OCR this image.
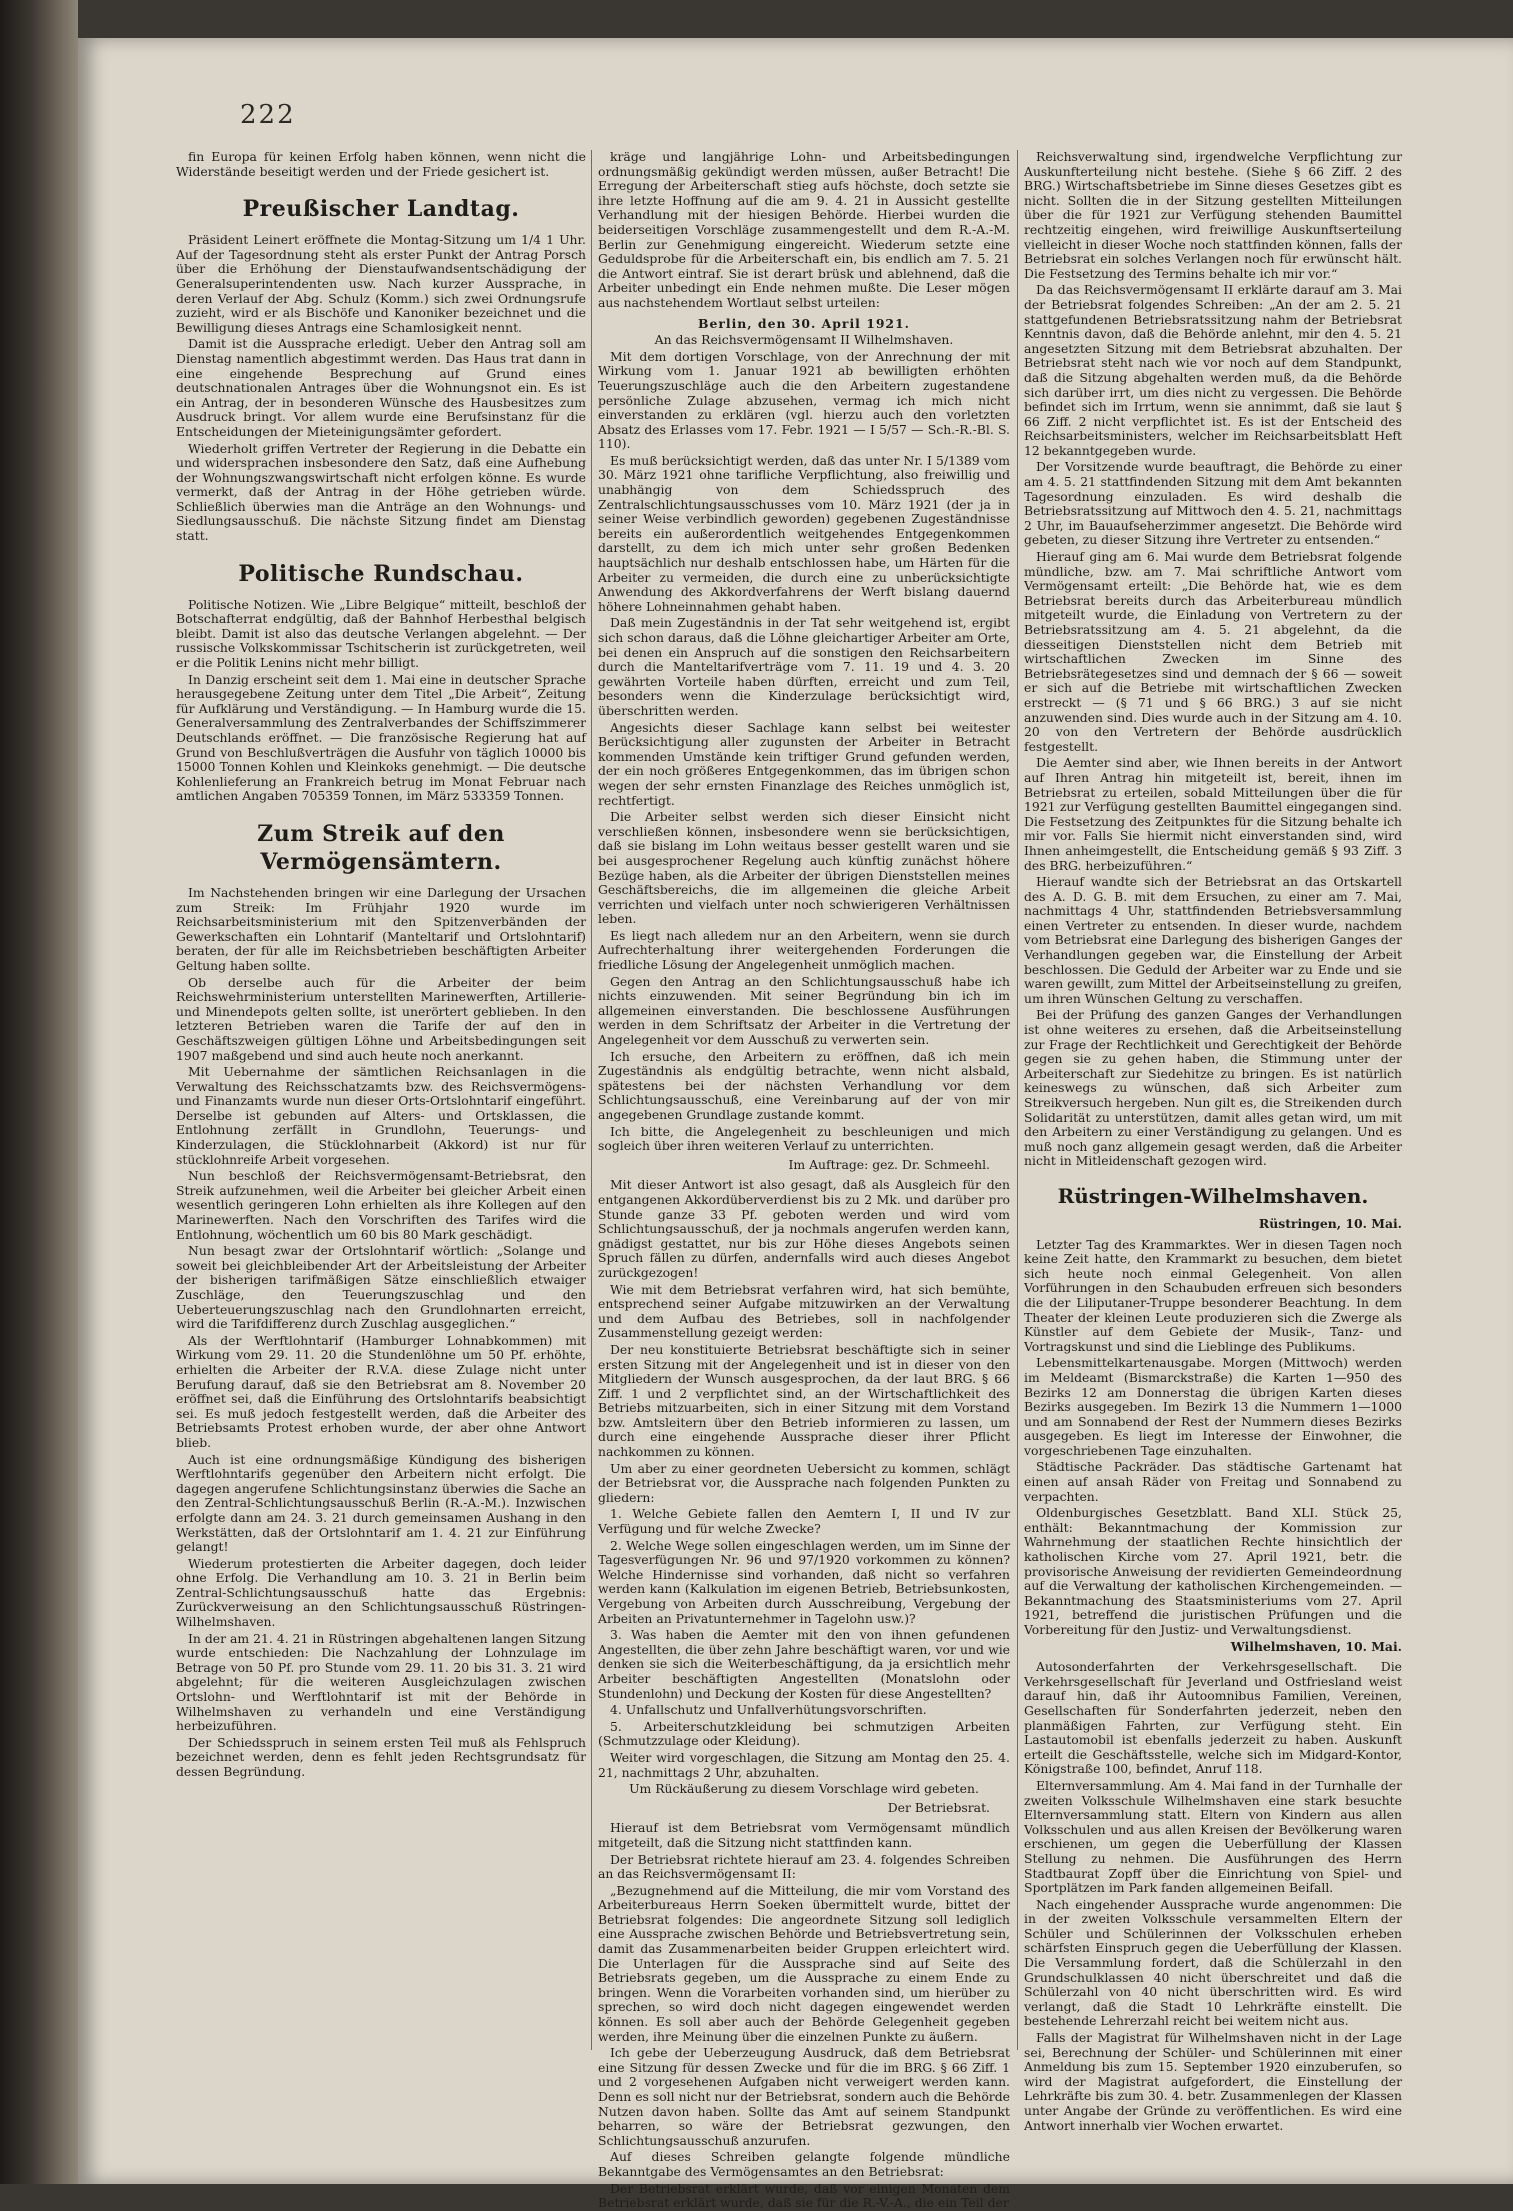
222

fin Europa für keinen Erfolg haben können, wenn nicht die Widerstände beseitigt werden und der Friede gesichert ist.

Preußischer Landtag.

Präsident Leinert eröffnete die Montag-Sitzung um 1/4 1 Uhr. Auf der Tagesordnung steht als erster Punkt der Antrag Porsch über die Erhöhung der Dienstaufwandsentschädigung der Generalsuperintendenten usw. Nach kurzer Aussprache, in deren Verlauf der Abg. Schulz (Komm.) sich zwei Ordnungsrufe zuzieht, wird er als Bischöfe und Kanoniker bezeichnet und die Bewilligung dieses Antrags eine Schamlosigkeit nennt.

Damit ist die Aussprache erledigt. Ueber den Antrag soll am Dienstag namentlich abgestimmt werden. Das Haus trat dann in eine eingehende Besprechung auf Grund eines deutschnationalen Antrages über die Wohnungsnot ein. Es ist ein Antrag, der in besonderen Wünsche des Hausbesitzes zum Ausdruck bringt. Vor allem wurde eine Berufsinstanz für die Entscheidungen der Mieteinigungsämter gefordert.

Wiederholt griffen Vertreter der Regierung in die Debatte ein und widersprachen insbesondere den Satz, daß eine Aufhebung der Wohnungszwangswirtschaft nicht erfolgen könne. Es wurde vermerkt, daß der Antrag in der Höhe getrieben würde. Schließlich überwies man die Anträge an den Wohnungs- und Siedlungsausschuß. Die nächste Sitzung findet am Dienstag statt.

Politische Rundschau.

Politische Notizen. Wie „Libre Belgique“ mitteilt, beschloß der Botschafterrat endgültig, daß der Bahnhof Herbesthal belgisch bleibt. Damit ist also das deutsche Verlangen abgelehnt. — Der russische Volkskommissar Tschitscherin ist zurückgetreten, weil er die Politik Lenins nicht mehr billigt.

In Danzig erscheint seit dem 1. Mai eine in deutscher Sprache herausgegebene Zeitung unter dem Titel „Die Arbeit“, Zeitung für Aufklärung und Verständigung. — In Hamburg wurde die 15. Generalversammlung des Zentralverbandes der Schiffszimmerer Deutschlands eröffnet. — Die französische Regierung hat auf Grund von Beschlußverträgen die Ausfuhr von täglich 10000 bis 15000 Tonnen Kohlen und Kleinkoks genehmigt. — Die deutsche Kohlenlieferung an Frankreich betrug im Monat Februar nach amtlichen Angaben 705359 Tonnen, im März 533359 Tonnen.

Zum Streik auf den Vermögensämtern.

Im Nachstehenden bringen wir eine Darlegung der Ursachen zum Streik: Im Frühjahr 1920 wurde im Reichsarbeitsministerium mit den Spitzenverbänden der Gewerkschaften ein Lohntarif (Manteltarif und Ortslohntarif) beraten, der für alle im Reichsbetrieben beschäftigten Arbeiter Geltung haben sollte.

Ob derselbe auch für die Arbeiter der beim Reichswehrministerium unterstellten Marinewerften, Artillerie- und Minendepots gelten sollte, ist unerörtert geblieben. In den letzteren Betrieben waren die Tarife der auf den in Geschäftszweigen gültigen Löhne und Arbeitsbedingungen seit 1907 maßgebend und sind auch heute noch anerkannt.

Mit Uebernahme der sämtlichen Reichsanlagen in die Verwaltung des Reichsschatzamts bzw. des Reichsvermögens- und Finanzamts wurde nun dieser Orts-Ortslohntarif eingeführt. Derselbe ist gebunden auf Alters- und Ortsklassen, die Entlohnung zerfällt in Grundlohn, Teuerungs- und Kinderzulagen, die Stücklohnarbeit (Akkord) ist nur für stücklohnreife Arbeit vorgesehen.

Nun beschloß der Reichsvermögensamt-Betriebsrat, den Streik aufzunehmen, weil die Arbeiter bei gleicher Arbeit einen wesentlich geringeren Lohn erhielten als ihre Kollegen auf den Marinewerften. Nach den Vorschriften des Tarifes wird die Entlohnung, wöchentlich um 60 bis 80 Mark geschädigt.

Nun besagt zwar der Ortslohntarif wörtlich: „Solange und soweit bei gleichbleibender Art der Arbeitsleistung der Arbeiter der bisherigen tarifmäßigen Sätze einschließlich etwaiger Zuschläge, den Teuerungszuschlag und den Ueberteuerungszuschlag nach den Grundlohnarten erreicht, wird die Tarifdifferenz durch Zuschlag ausgeglichen.“

Als der Werftlohntarif (Hamburger Lohnabkommen) mit Wirkung vom 29. 11. 20 die Stundenlöhne um 50 Pf. erhöhte, erhielten die Arbeiter der R.V.A. diese Zulage nicht unter Berufung darauf, daß sie den Betriebsrat am 8. November 20 eröffnet sei, daß die Einführung des Ortslohntarifs beabsichtigt sei. Es muß jedoch festgestellt werden, daß die Arbeiter des Betriebsamts Protest erhoben wurde, der aber ohne Antwort blieb.

Auch ist eine ordnungsmäßige Kündigung des bisherigen Werftlohntarifs gegenüber den Arbeitern nicht erfolgt. Die dagegen angerufene Schlichtungsinstanz überwies die Sache an den Zentral-Schlichtungsausschuß Berlin (R.-A.-M.). Inzwischen erfolgte dann am 24. 3. 21 durch gemeinsamen Aushang in den Werkstätten, daß der Ortslohntarif am 1. 4. 21 zur Einführung gelangt!

Wiederum protestierten die Arbeiter dagegen, doch leider ohne Erfolg. Die Verhandlung am 10. 3. 21 in Berlin beim Zentral-Schlichtungsausschuß hatte das Ergebnis: Zurückverweisung an den Schlichtungsausschuß Rüstringen-Wilhelmshaven.

In der am 21. 4. 21 in Rüstringen abgehaltenen langen Sitzung wurde entschieden: Die Nachzahlung der Lohnzulage im Betrage von 50 Pf. pro Stunde vom 29. 11. 20 bis 31. 3. 21 wird abgelehnt; für die weiteren Ausgleichzulagen zwischen Ortslohn- und Werftlohntarif ist mit der Behörde in Wilhelmshaven zu verhandeln und eine Verständigung herbeizuführen.

Der Schiedsspruch in seinem ersten Teil muß als Fehlspruch bezeichnet werden, denn es fehlt jeden Rechtsgrundsatz für dessen Begründung.

kräge und langjährige Lohn- und Arbeitsbedingungen ordnungsmäßig gekündigt werden müssen, außer Betracht! Die Erregung der Arbeiterschaft stieg aufs höchste, doch setzte sie ihre letzte Hoffnung auf die am 9. 4. 21 in Aussicht gestellte Verhandlung mit der hiesigen Behörde. Hierbei wurden die beiderseitigen Vorschläge zusammengestellt und dem R.-A.-M. Berlin zur Genehmigung eingereicht. Wiederum setzte eine Geduldsprobe für die Arbeiterschaft ein, bis endlich am 7. 5. 21 die Antwort eintraf. Sie ist derart brüsk und ablehnend, daß die Arbeiter unbedingt ein Ende nehmen mußte. Die Leser mögen aus nachstehendem Wortlaut selbst urteilen:

Berlin, den 30. April 1921.

An das Reichsvermögensamt II Wilhelmshaven.

Mit dem dortigen Vorschlage, von der Anrechnung der mit Wirkung vom 1. Januar 1921 ab bewilligten erhöhten Teuerungszuschläge auch die den Arbeitern zugestandene persönliche Zulage abzusehen, vermag ich mich nicht einverstanden zu erklären (vgl. hierzu auch den vorletzten Absatz des Erlasses vom 17. Febr. 1921 — I 5/57 — Sch.-R.-Bl. S. 110).

Es muß berücksichtigt werden, daß das unter Nr. I 5/1389 vom 30. März 1921 ohne tarifliche Verpflichtung, also freiwillig und unabhängig von dem Schiedsspruch des Zentralschlichtungsausschusses vom 10. März 1921 (der ja in seiner Weise verbindlich geworden) gegebenen Zugeständnisse bereits ein außerordentlich weitgehendes Entgegenkommen darstellt, zu dem ich mich unter sehr großen Bedenken hauptsächlich nur deshalb entschlossen habe, um Härten für die Arbeiter zu vermeiden, die durch eine zu unberücksichtigte Anwendung des Akkordverfahrens der Werft bislang dauernd höhere Lohneinnahmen gehabt haben.

Daß mein Zugeständnis in der Tat sehr weitgehend ist, ergibt sich schon daraus, daß die Löhne gleichartiger Arbeiter am Orte, bei denen ein Anspruch auf die sonstigen den Reichsarbeitern durch die Manteltarifverträge vom 7. 11. 19 und 4. 3. 20 gewährten Vorteile haben dürften, erreicht und zum Teil, besonders wenn die Kinderzulage berücksichtigt wird, überschritten werden.

Angesichts dieser Sachlage kann selbst bei weitester Berücksichtigung aller zugunsten der Arbeiter in Betracht kommenden Umstände kein triftiger Grund gefunden werden, der ein noch größeres Entgegenkommen, das im übrigen schon wegen der sehr ernsten Finanzlage des Reiches unmöglich ist, rechtfertigt.

Die Arbeiter selbst werden sich dieser Einsicht nicht verschließen können, insbesondere wenn sie berücksichtigen, daß sie bislang im Lohn weitaus besser gestellt waren und sie bei ausgesprochener Regelung auch künftig zunächst höhere Bezüge haben, als die Arbeiter der übrigen Dienststellen meines Geschäftsbereichs, die im allgemeinen die gleiche Arbeit verrichten und vielfach unter noch schwierigeren Verhältnissen leben.

Es liegt nach alledem nur an den Arbeitern, wenn sie durch Aufrechterhaltung ihrer weitergehenden Forderungen die friedliche Lösung der Angelegenheit unmöglich machen.

Gegen den Antrag an den Schlichtungsausschuß habe ich nichts einzuwenden. Mit seiner Begründung bin ich im allgemeinen einverstanden. Die beschlossene Ausführungen werden in dem Schriftsatz der Arbeiter in die Vertretung der Angelegenheit vor dem Ausschuß zu verwerten sein.

Ich ersuche, den Arbeitern zu eröffnen, daß ich mein Zugeständnis als endgültig betrachte, wenn nicht alsbald, spätestens bei der nächsten Verhandlung vor dem Schlichtungsausschuß, eine Vereinbarung auf der von mir angegebenen Grundlage zustande kommt.

Ich bitte, die Angelegenheit zu beschleunigen und mich sogleich über ihren weiteren Verlauf zu unterrichten.

Im Auftrage: gez. Dr. Schmeehl.

Mit dieser Antwort ist also gesagt, daß als Ausgleich für den entgangenen Akkordüberverdienst bis zu 2 Mk. und darüber pro Stunde ganze 33 Pf. geboten werden und wird vom Schlichtungsausschuß, der ja nochmals angerufen werden kann, gnädigst gestattet, nur bis zur Höhe dieses Angebots seinen Spruch fällen zu dürfen, andernfalls wird auch dieses Angebot zurückgezogen!

Wie mit dem Betriebsrat verfahren wird, hat sich bemühte, entsprechend seiner Aufgabe mitzuwirken an der Verwaltung und dem Aufbau des Betriebes, soll in nachfolgender Zusammenstellung gezeigt werden:

Der neu konstituierte Betriebsrat beschäftigte sich in seiner ersten Sitzung mit der Angelegenheit und ist in dieser von den Mitgliedern der Wunsch ausgesprochen, da der laut BRG. § 66 Ziff. 1 und 2 verpflichtet sind, an der Wirtschaftlichkeit des Betriebs mitzuarbeiten, sich in einer Sitzung mit dem Vorstand bzw. Amtsleitern über den Betrieb informieren zu lassen, um durch eine eingehende Aussprache dieser ihrer Pflicht nachkommen zu können.

Um aber zu einer geordneten Uebersicht zu kommen, schlägt der Betriebsrat vor, die Aussprache nach folgenden Punkten zu gliedern:

1. Welche Gebiete fallen den Aemtern I, II und IV zur Verfügung und für welche Zwecke?

2. Welche Wege sollen eingeschlagen werden, um im Sinne der Tagesverfügungen Nr. 96 und 97/1920 vorkommen zu können? Welche Hindernisse sind vorhanden, daß nicht so verfahren werden kann (Kalkulation im eigenen Betrieb, Betriebsunkosten, Vergebung von Arbeiten durch Ausschreibung, Vergebung der Arbeiten an Privatunternehmer in Tagelohn usw.)?

3. Was haben die Aemter mit den von ihnen gefundenen Angestellten, die über zehn Jahre beschäftigt waren, vor und wie denken sie sich die Weiterbeschäftigung, da ja ersichtlich mehr Arbeiter beschäftigten Angestellten (Monatslohn oder Stundenlohn) und Deckung der Kosten für diese Angestellten?

4. Unfallschutz und Unfallverhütungsvorschriften.

5. Arbeiterschutzkleidung bei schmutzigen Arbeiten (Schmutzzulage oder Kleidung).

Weiter wird vorgeschlagen, die Sitzung am Montag den 25. 4. 21, nachmittags 2 Uhr, abzuhalten.

Um Rückäußerung zu diesem Vorschlage wird gebeten.

Der Betriebsrat.

Hierauf ist dem Betriebsrat vom Vermögensamt mündlich mitgeteilt, daß die Sitzung nicht stattfinden kann.

Der Betriebsrat richtete hierauf am 23. 4. folgendes Schreiben an das Reichsvermögensamt II:

„Bezugnehmend auf die Mitteilung, die mir vom Vorstand des Arbeiterbureaus Herrn Soeken übermittelt wurde, bittet der Betriebsrat folgendes: Die angeordnete Sitzung soll lediglich eine Aussprache zwischen Behörde und Betriebsvertretung sein, damit das Zusammenarbeiten beider Gruppen erleichtert wird. Die Unterlagen für die Aussprache sind auf Seite des Betriebsrats gegeben, um die Aussprache zu einem Ende zu bringen. Wenn die Vorarbeiten vorhanden sind, um hierüber zu sprechen, so wird doch nicht dagegen eingewendet werden können. Es soll aber auch der Behörde Gelegenheit gegeben werden, ihre Meinung über die einzelnen Punkte zu äußern.

Ich gebe der Ueberzeugung Ausdruck, daß dem Betriebsrat eine Sitzung für dessen Zwecke und für die im BRG. § 66 Ziff. 1 und 2 vorgesehenen Aufgaben nicht verweigert werden kann. Denn es soll nicht nur der Betriebsrat, sondern auch die Behörde Nutzen davon haben. Sollte das Amt auf seinem Standpunkt beharren, so wäre der Betriebsrat gezwungen, den Schlichtungsausschuß anzurufen.

Auf dieses Schreiben gelangte folgende mündliche Bekanntgabe des Vermögensamtes an den Betriebsrat:

Der Betriebsrat erklärt wurde, daß vor einigen Monaten dem Betriebsrat erklärt wurde, daß sie für die R.-V.-A., die ein Teil der

Reichsverwaltung sind, irgendwelche Verpflichtung zur Auskunfterteilung nicht bestehe. (Siehe § 66 Ziff. 2 des BRG.) Wirtschaftsbetriebe im Sinne dieses Gesetzes gibt es nicht. Sollten die in der Sitzung gestellten Mitteilungen über die für 1921 zur Verfügung stehenden Baumittel rechtzeitig eingehen, wird freiwillige Auskunftserteilung vielleicht in dieser Woche noch stattfinden können, falls der Betriebsrat ein solches Verlangen noch für erwünscht hält. Die Festsetzung des Termins behalte ich mir vor.“

Da das Reichsvermögensamt II erklärte darauf am 3. Mai der Betriebsrat folgendes Schreiben: „An der am 2. 5. 21 stattgefundenen Betriebsratssitzung nahm der Betriebsrat Kenntnis davon, daß die Behörde anlehnt, mir den 4. 5. 21 angesetzten Sitzung mit dem Betriebsrat abzuhalten. Der Betriebsrat steht nach wie vor noch auf dem Standpunkt, daß die Sitzung abgehalten werden muß, da die Behörde sich darüber irrt, um dies nicht zu vergessen. Die Behörde befindet sich im Irrtum, wenn sie annimmt, daß sie laut § 66 Ziff. 2 nicht verpflichtet ist. Es ist der Entscheid des Reichsarbeitsministers, welcher im Reichsarbeitsblatt Heft 12 bekanntgegeben wurde.

Der Vorsitzende wurde beauftragt, die Behörde zu einer am 4. 5. 21 stattfindenden Sitzung mit dem Amt bekannten Tagesordnung einzuladen. Es wird deshalb die Betriebsratssitzung auf Mittwoch den 4. 5. 21, nachmittags 2 Uhr, im Bauaufseherzimmer angesetzt. Die Behörde wird gebeten, zu dieser Sitzung ihre Vertreter zu entsenden.“

Hierauf ging am 6. Mai wurde dem Betriebsrat folgende mündliche, bzw. am 7. Mai schriftliche Antwort vom Vermögensamt erteilt: „Die Behörde hat, wie es dem Betriebsrat bereits durch das Arbeiterbureau mündlich mitgeteilt wurde, die Einladung von Vertretern zu der Betriebsratssitzung am 4. 5. 21 abgelehnt, da die diesseitigen Dienststellen nicht dem Betrieb mit wirtschaftlichen Zwecken im Sinne des Betriebsrätegesetzes sind und demnach der § 66 — soweit er sich auf die Betriebe mit wirtschaftlichen Zwecken erstreckt — (§ 71 und § 66 BRG.) 3 auf sie nicht anzuwenden sind. Dies wurde auch in der Sitzung am 4. 10. 20 von den Vertretern der Behörde ausdrücklich festgestellt.

Die Aemter sind aber, wie Ihnen bereits in der Antwort auf Ihren Antrag hin mitgeteilt ist, bereit, ihnen im Betriebsrat zu erteilen, sobald Mitteilungen über die für 1921 zur Verfügung gestellten Baumittel eingegangen sind. Die Festsetzung des Zeitpunktes für die Sitzung behalte ich mir vor. Falls Sie hiermit nicht einverstanden sind, wird Ihnen anheimgestellt, die Entscheidung gemäß § 93 Ziff. 3 des BRG. herbeizuführen.“

Hierauf wandte sich der Betriebsrat an das Ortskartell des A. D. G. B. mit dem Ersuchen, zu einer am 7. Mai, nachmittags 4 Uhr, stattfindenden Betriebsversammlung einen Vertreter zu entsenden. In dieser wurde, nachdem vom Betriebsrat eine Darlegung des bisherigen Ganges der Verhandlungen gegeben war, die Einstellung der Arbeit beschlossen. Die Geduld der Arbeiter war zu Ende und sie waren gewillt, zum Mittel der Arbeitseinstellung zu greifen, um ihren Wünschen Geltung zu verschaffen.

Bei der Prüfung des ganzen Ganges der Verhandlungen ist ohne weiteres zu ersehen, daß die Arbeitseinstellung zur Frage der Rechtlichkeit und Gerechtigkeit der Behörde gegen sie zu gehen haben, die Stimmung unter der Arbeiterschaft zur Siedehitze zu bringen. Es ist natürlich keineswegs zu wünschen, daß sich Arbeiter zum Streikversuch hergeben. Nun gilt es, die Streikenden durch Solidarität zu unterstützen, damit alles getan wird, um mit den Arbeitern zu einer Verständigung zu gelangen. Und es muß noch ganz allgemein gesagt werden, daß die Arbeiter nicht in Mitleidenschaft gezogen wird.

Rüstringen-Wilhelmshaven.
Rüstringen, 10. Mai.

Letzter Tag des Krammarktes. Wer in diesen Tagen noch keine Zeit hatte, den Krammarkt zu besuchen, dem bietet sich heute noch einmal Gelegenheit. Von allen Vorführungen in den Schaubuden erfreuen sich besonders die der Liliputaner-Truppe besonderer Beachtung. In dem Theater der kleinen Leute produzieren sich die Zwerge als Künstler auf dem Gebiete der Musik-, Tanz- und Vortragskunst und sind die Lieblinge des Publikums.

Lebensmittelkartenausgabe. Morgen (Mittwoch) werden im Meldeamt (Bismarckstraße) die Karten 1—950 des Bezirks 12 am Donnerstag die übrigen Karten dieses Bezirks ausgegeben. Im Bezirk 13 die Nummern 1—1000 und am Sonnabend der Rest der Nummern dieses Bezirks ausgegeben. Es liegt im Interesse der Einwohner, die vorgeschriebenen Tage einzuhalten.

Städtische Packräder. Das städtische Gartenamt hat einen auf ansah Räder von Freitag und Sonnabend zu verpachten.

Oldenburgisches Gesetzblatt. Band XLI. Stück 25, enthält: Bekanntmachung der Kommission zur Wahrnehmung der staatlichen Rechte hinsichtlich der katholischen Kirche vom 27. April 1921, betr. die provisorische Anweisung der revidierten Gemeindeordnung auf die Verwaltung der katholischen Kirchengemeinden. — Bekanntmachung des Staatsministeriums vom 27. April 1921, betreffend die juristischen Prüfungen und die Vorbereitung für den Justiz- und Verwaltungsdienst.

Wilhelmshaven, 10. Mai.

Autosonderfahrten der Verkehrsgesellschaft. Die Verkehrsgesellschaft für Jeverland und Ostfriesland weist darauf hin, daß ihr Autoomnibus Familien, Vereinen, Gesellschaften für Sonderfahrten jederzeit, neben den planmäßigen Fahrten, zur Verfügung steht. Ein Lastautomobil ist ebenfalls jederzeit zu haben. Auskunft erteilt die Geschäftsstelle, welche sich im Midgard-Kontor, Königstraße 100, befindet, Anruf 118.

Elternversammlung. Am 4. Mai fand in der Turnhalle der zweiten Volksschule Wilhelmshaven eine stark besuchte Elternversammlung statt. Eltern von Kindern aus allen Volksschulen und aus allen Kreisen der Bevölkerung waren erschienen, um gegen die Ueberfüllung der Klassen Stellung zu nehmen. Die Ausführungen des Herrn Stadtbaurat Zopff über die Einrichtung von Spiel- und Sportplätzen im Park fanden allgemeinen Beifall.

Nach eingehender Aussprache wurde angenommen: Die in der zweiten Volksschule versammelten Eltern der Schüler und Schülerinnen der Volksschulen erheben schärfsten Einspruch gegen die Ueberfüllung der Klassen. Die Versammlung fordert, daß die Schülerzahl in den Grundschulklassen 40 nicht überschreitet und daß die Schülerzahl von 40 nicht überschritten wird. Es wird verlangt, daß die Stadt 10 Lehrkräfte einstellt. Die bestehende Lehrerzahl reicht bei weitem nicht aus.

Falls der Magistrat für Wilhelmshaven nicht in der Lage sei, Berechnung der Schüler- und Schülerinnen mit einer Anmeldung bis zum 15. September 1920 einzuberufen, so wird der Magistrat aufgefordert, die Einstellung der Lehrkräfte bis zum 30. 4. betr. Zusammenlegen der Klassen unter Angabe der Gründe zu veröffentlichen. Es wird eine Antwort innerhalb vier Wochen erwartet.
